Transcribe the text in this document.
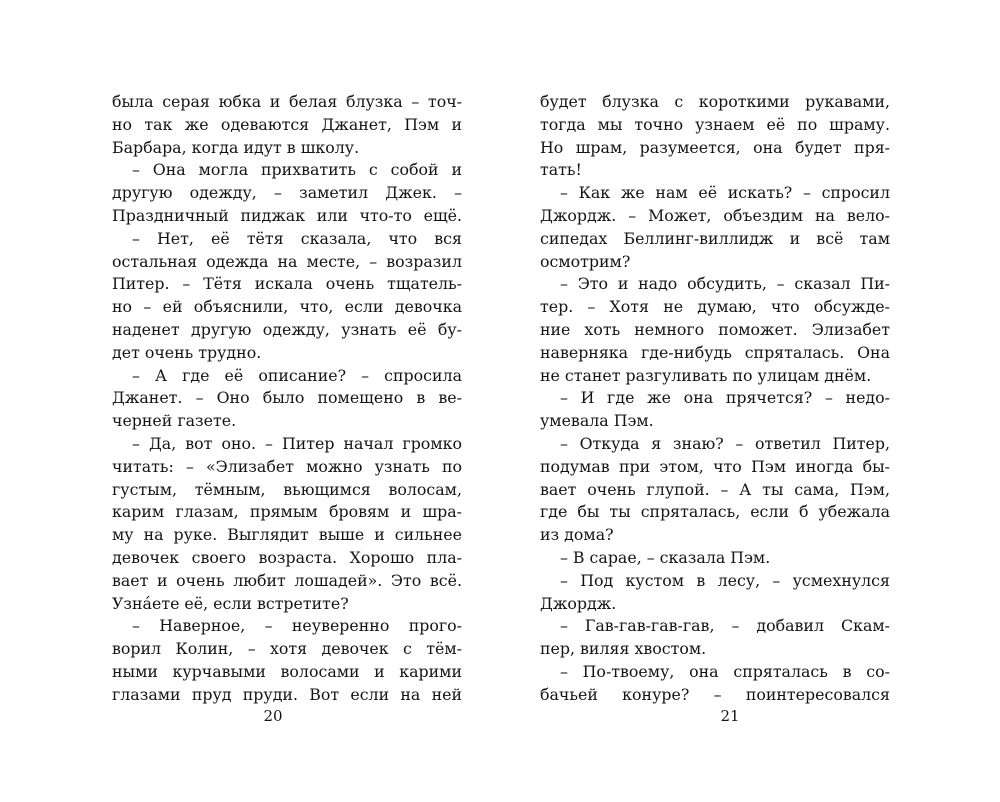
была серая юбка и белая блузка – точ-
но так же одеваются Джанет, Пэм и
Барбара, когда идут в школу.
– Она могла прихватить с собой и
другую одежду, – заметил Джек. –
Праздничный пиджак или что-то ещё.
– Нет, её тётя сказала, что вся
остальная одежда на месте, – возразил
Питер. – Тётя искала очень тщатель-
но – ей объяснили, что, если девочка
наденет другую одежду, узнать её бу-
дет очень трудно.
– А где её описание? – спросила
Джанет. – Оно было помещено в ве-
черней газете.
– Да, вот оно. – Питер начал громко
читать: – «Элизабет можно узнать по
густым, тёмным, вьющимся волосам,
карим глазам, прямым бровям и шра-
му на руке. Выглядит выше и сильнее
девочек своего возраста. Хорошо пла-
вает и очень любит лошадей». Это всё.
Узна́ете её, если встретите?
– Наверное, – неуверенно прого-
ворил Колин, – хотя девочек с тём-
ными курчавыми волосами и карими
глазами пруд пруди. Вот если на ней
будет блузка с короткими рукавами,
тогда мы точно узнаем её по шраму.
Но шрам, разумеется, она будет пря-
тать!
– Как же нам её искать? – спросил
Джордж. – Может, объездим на вело-
сипедах Беллинг-виллидж и всё там
осмотрим?
– Это и надо обсудить, – сказал Пи-
тер. – Хотя не думаю, что обсужде-
ние хоть немного поможет. Элизабет
наверняка где-нибудь спряталась. Она
не станет разгуливать по улицам днём.
– И где же она прячется? – недо-
умевала Пэм.
– Откуда я знаю? – ответил Питер,
подумав при этом, что Пэм иногда бы-
вает очень глупой. – А ты сама, Пэм,
где бы ты спряталась, если б убежала
из дома?
– В сарае, – сказала Пэм.
– Под кустом в лесу, – усмехнулся
Джордж.
– Гав-гав-гав-гав, – добавил Скам-
пер, виляя хвостом.
– По-твоему, она спряталась в со-
бачьей конуре? – поинтересовался
20	21
